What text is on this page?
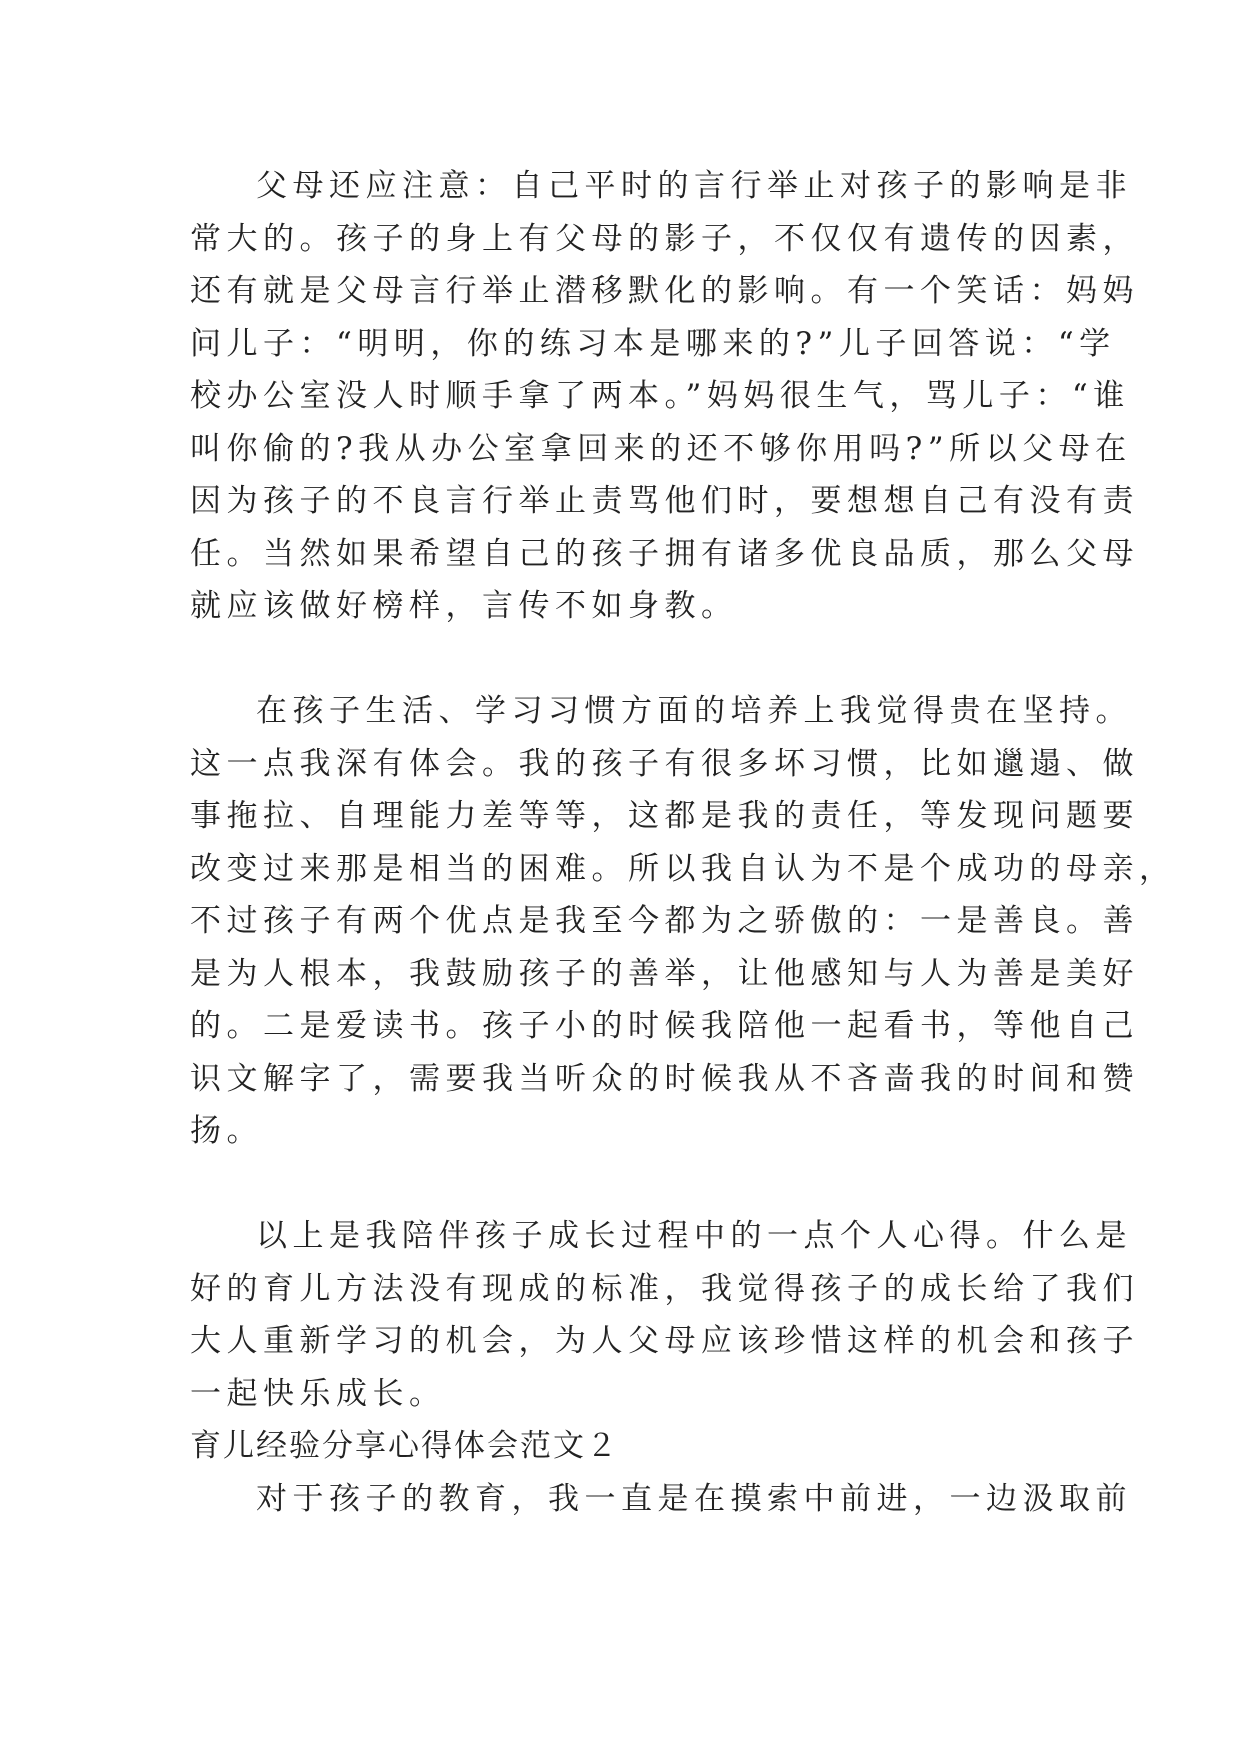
父母还应注意：自己平时的言行举止对孩子的影响是非
常大的。孩子的身上有父母的影子，不仅仅有遗传的因素，
还有就是父母言行举止潜移默化的影响。有一个笑话：妈妈
问儿子：“明明，你的练习本是哪来的?”儿子回答说：“学
校办公室没人时顺手拿了两本。”妈妈很生气，骂儿子：“谁
叫你偷的?我从办公室拿回来的还不够你用吗?”所以父母在
因为孩子的不良言行举止责骂他们时，要想想自己有没有责
任。当然如果希望自己的孩子拥有诸多优良品质，那么父母
就应该做好榜样，言传不如身教。
在孩子生活、学习习惯方面的培养上我觉得贵在坚持。
这一点我深有体会。我的孩子有很多坏习惯，比如邋遢、做
事拖拉、自理能力差等等，这都是我的责任，等发现问题要
改变过来那是相当的困难。所以我自认为不是个成功的母亲，
不过孩子有两个优点是我至今都为之骄傲的：一是善良。善
是为人根本，我鼓励孩子的善举，让他感知与人为善是美好
的。二是爱读书。孩子小的时候我陪他一起看书，等他自己
识文解字了，需要我当听众的时候我从不吝啬我的时间和赞
扬。
以上是我陪伴孩子成长过程中的一点个人心得。什么是
好的育儿方法没有现成的标准，我觉得孩子的成长给了我们
大人重新学习的机会，为人父母应该珍惜这样的机会和孩子
一起快乐成长。
育儿经验分享心得体会范文２
对于孩子的教育，我一直是在摸索中前进，一边汲取前
